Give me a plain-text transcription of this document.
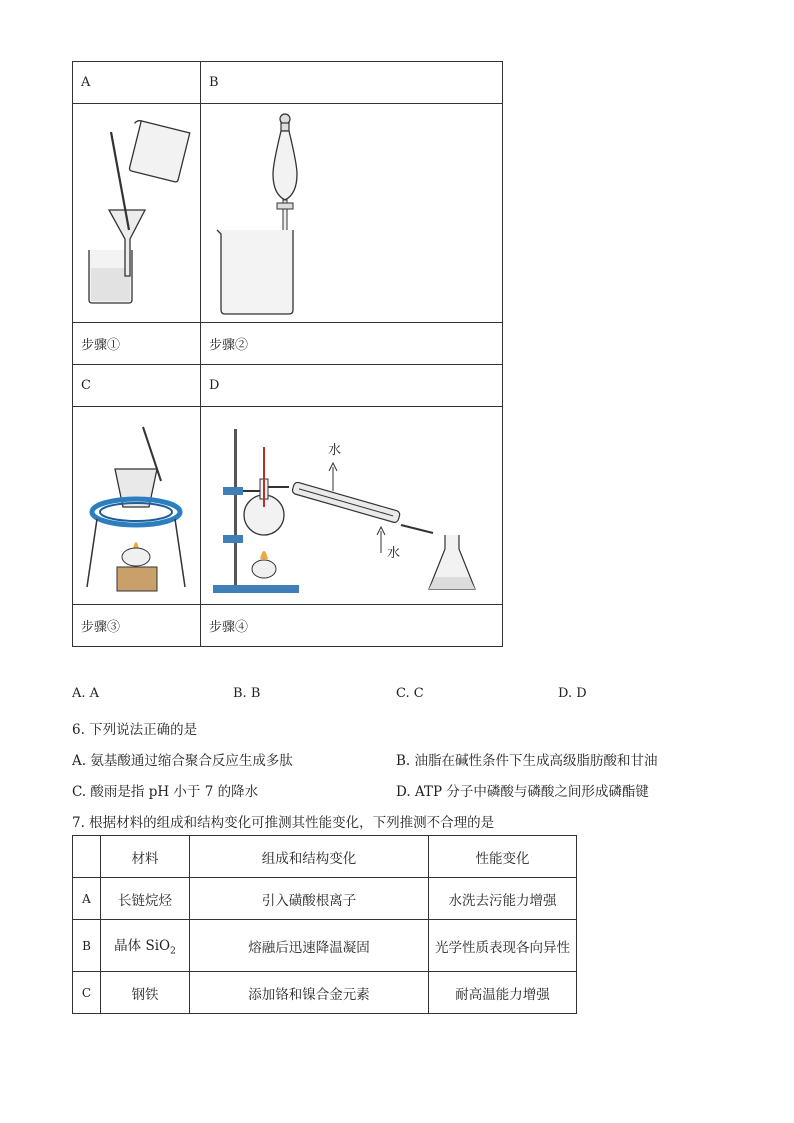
A	B

步骤①	步骤②
C	D

水
水

步骤③	步骤④
A. A	B. B	C. C	D. D
6. 下列说法正确的是
A. 氨基酸通过缩合聚合反应生成多肽	B. 油脂在碱性条件下生成高级脂肪酸和甘油
C. 酸雨是指 pH 小于 7 的降水	D. ATP 分子中磷酸与磷酸之间形成磷酯键
7. 根据材料的组成和结构变化可推测其性能变化，下列推测不合理的是
	材料	组成和结构变化	性能变化
A	长链烷烃	引入磺酸根离子	水洗去污能力增强
B	晶体 SiO$_2$	熔融后迅速降温凝固	光学性质表现各向异性
C	钢铁	添加铬和镍合金元素	耐高温能力增强
